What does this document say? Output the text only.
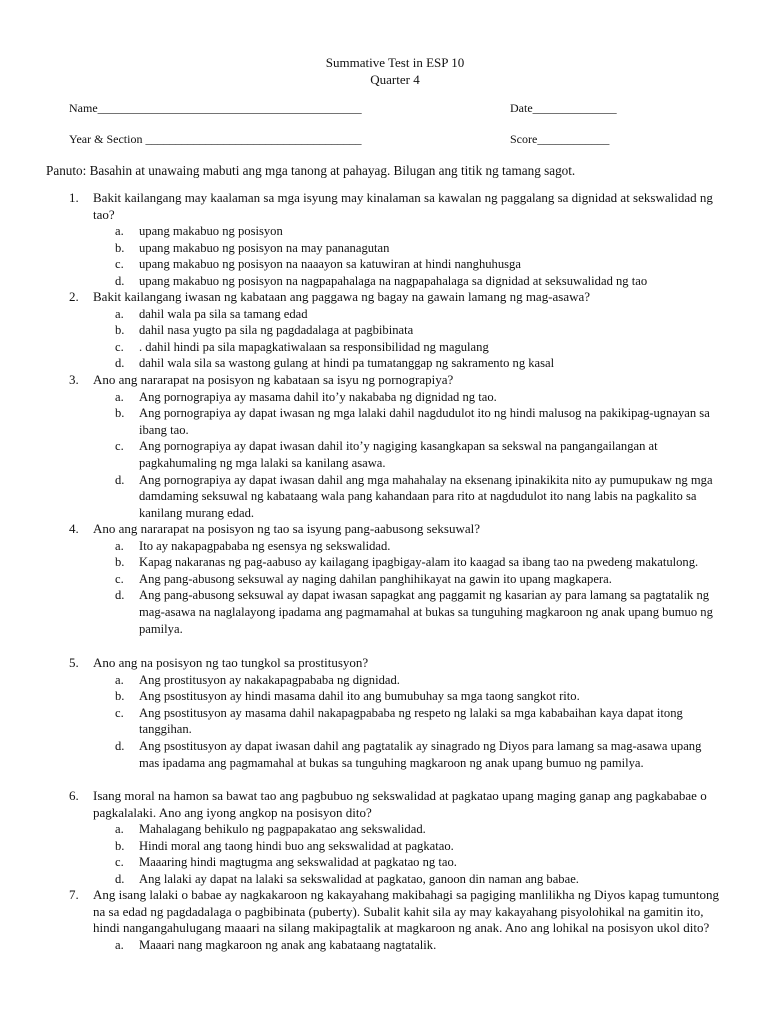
Summative Test in ESP 10
Quarter 4
Name____________________________________________	Date______________
Year & Section ____________________________________	Score____________
Panuto: Basahin at unawaing mabuti ang mga tanong at pahayag. Bilugan ang titik ng tamang sagot.
1. Bakit kailangang may kaalaman sa mga isyung may kinalaman sa kawalan ng paggalang sa dignidad at sekswalidad ng tao?
a. upang makabuo ng posisyon
b. upang makabuo ng posisyon na may pananagutan
c. upang makabuo ng posisyon na naaayon sa katuwiran at hindi nanghuhusga
d. upang makabuo ng posisyon na nagpapahalaga na nagpapahalaga sa dignidad at seksuwalidad ng tao
2. Bakit kailangang iwasan ng kabataan ang paggawa ng bagay na gawain lamang ng mag-asawa?
a. dahil wala pa sila sa tamang edad
b. dahil nasa yugto pa sila ng pagdadalaga at pagbibinata
c. . dahil hindi pa sila mapagkatiwalaan sa responsibilidad ng magulang
d. dahil wala sila sa wastong gulang at hindi pa tumatanggap ng sakramento ng kasal
3. Ano ang nararapat na posisyon ng kabataan sa isyu ng pornograpiya?
a. Ang pornograpiya ay masama dahil ito’y nakababa ng dignidad ng tao.
b. Ang pornograpiya ay dapat iwasan ng mga lalaki dahil nagdudulot ito ng hindi malusog na pakikipag-ugnayan sa ibang tao.
c. Ang pornograpiya ay dapat iwasan dahil ito’y nagiging kasangkapan sa sekswal na pangangailangan at pagkahumaling ng mga lalaki sa kanilang asawa.
d. Ang pornograpiya ay dapat iwasan dahil ang mga mahahalay na eksenang ipinakikita nito ay pumupukaw ng mga damdaming seksuwal ng kabataang wala pang kahandaan para rito at nagdudulot ito nang labis na pagkalito sa kanilang murang edad.
4. Ano ang nararapat na posisyon ng tao sa isyung pang-aabusong seksuwal?
a. Ito ay nakapagpababa ng esensya ng sekswalidad.
b. Kapag nakaranas ng pag-aabuso ay kailagang ipagbigay-alam ito kaagad sa ibang tao na pwedeng makatulong.
c. Ang pang-abusong seksuwal ay naging dahilan panghihikayat na gawin ito upang magkapera.
d. Ang pang-abusong seksuwal ay dapat iwasan sapagkat ang paggamit ng kasarian ay para lamang sa pagtatalik ng mag-asawa na naglalayong ipadama ang pagmamahal at bukas sa tunguhing magkaroon ng anak upang bumuo ng pamilya.
5. Ano ang na posisyon ng tao tungkol sa prostitusyon?
a. Ang prostitusyon ay nakakapagpababa ng dignidad.
b. Ang psostitusyon ay hindi masama dahil ito ang bumubuhay sa mga taong sangkot rito.
c. Ang psostitusyon ay masama dahil nakapagpababa ng respeto ng lalaki sa mga kababaihan kaya dapat itong tanggihan.
d. Ang psostitusyon ay dapat iwasan dahil ang pagtatalik ay sinagrado ng Diyos para lamang sa mag-asawa upang mas ipadama ang pagmamahal at bukas sa tunguhing magkaroon ng anak upang bumuo ng pamilya.
6. Isang moral na hamon sa bawat tao ang pagbubuo ng sekswalidad at pagkatao upang maging ganap ang pagkababae o pagkalalaki. Ano ang iyong angkop na posisyon dito?
a. Mahalagang behikulo ng pagpapakatao ang sekswalidad.
b. Hindi moral ang taong hindi buo ang sekswalidad at pagkatao.
c. Maaaring hindi magtugma ang sekswalidad at pagkatao ng tao.
d. Ang lalaki ay dapat na lalaki sa sekswalidad at pagkatao, ganoon din naman ang babae.
7. Ang isang lalaki o babae ay nagkakaroon ng kakayahang makibahagi sa pagiging manlilikha ng Diyos kapag tumuntong na sa edad ng pagdadalaga o pagbibinata (puberty). Subalit kahit sila ay may kakayahang pisyolohikal na gamitin ito, hindi nangangahulugang maaari na silang makipagtalik at magkaroon ng anak. Ano ang lohikal na posisyon ukol dito?
a. Maaari nang magkaroon ng anak ang kabataang nagtatalik.
